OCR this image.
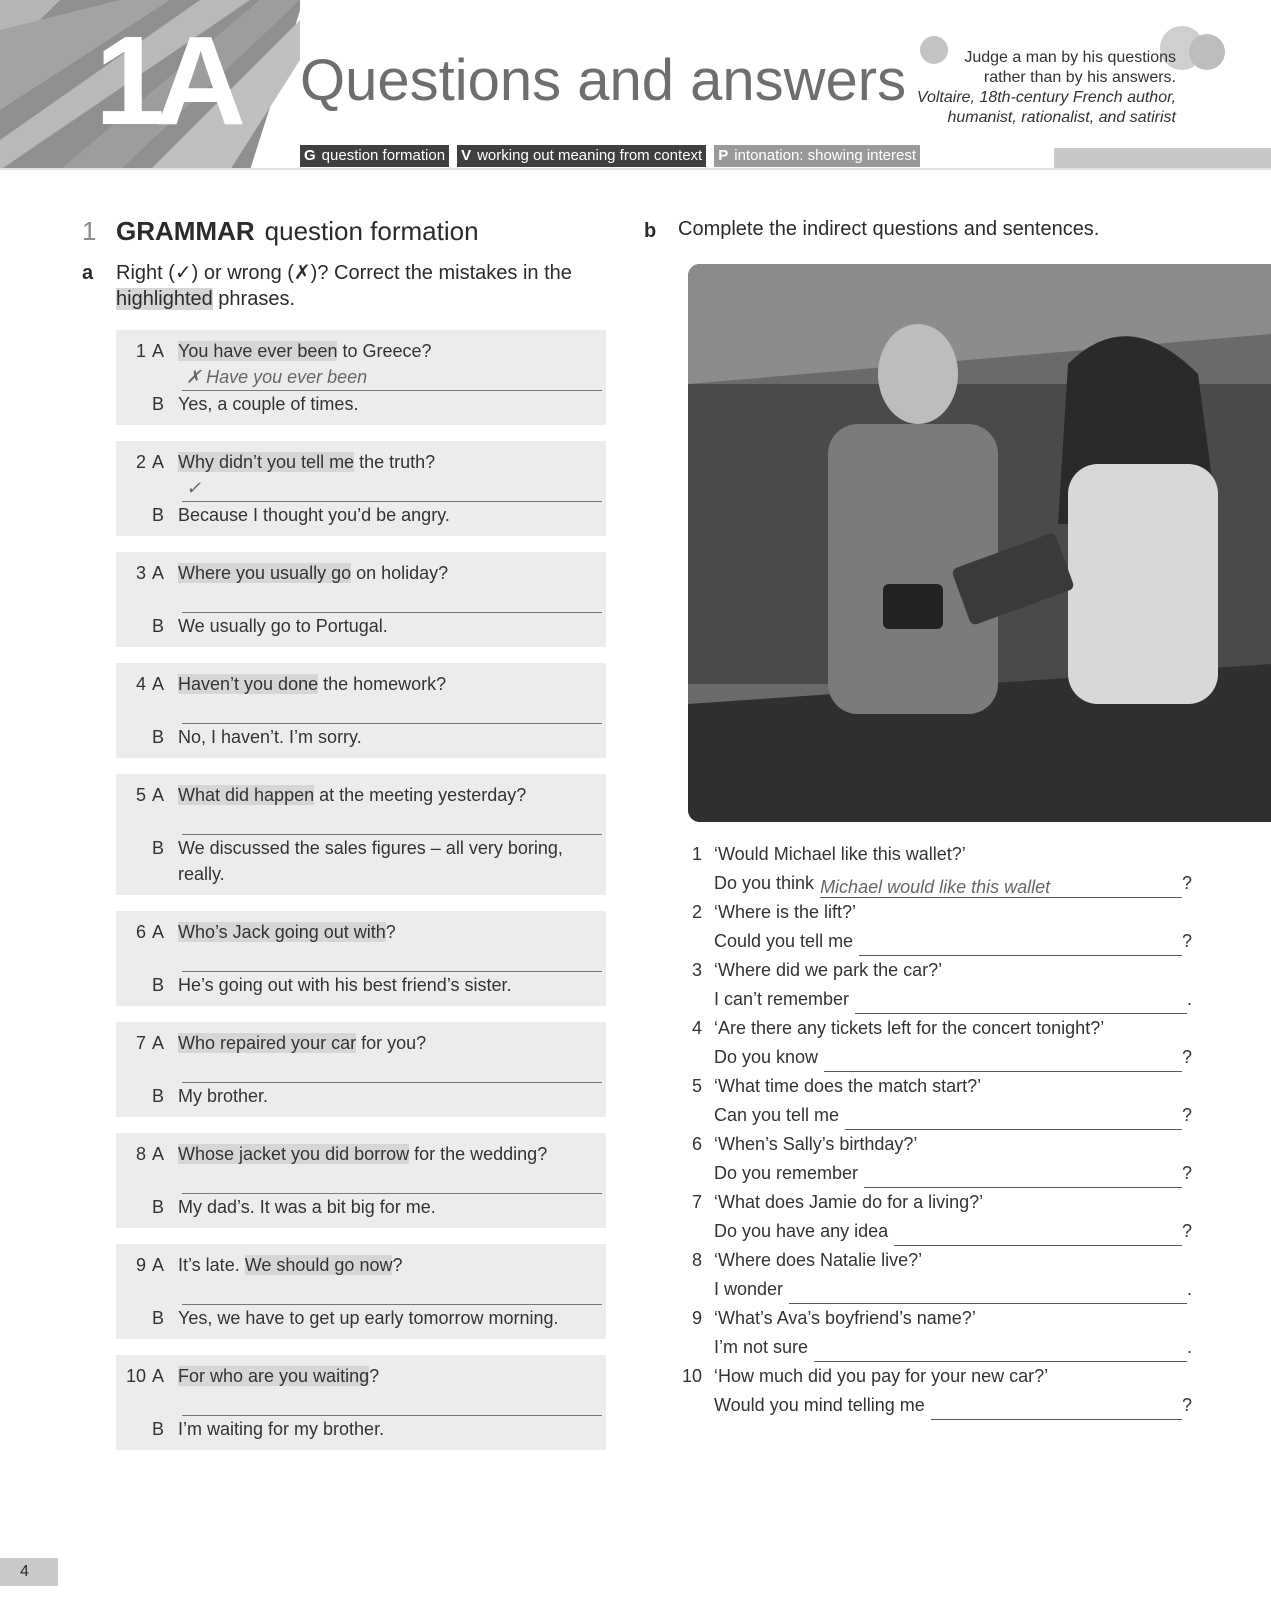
1A Questions and answers	Judge a man by his questions
rather than by his answers.
Voltaire, 18th-century French author,
humanist, rationalist, and satirist
G question formation V working out meaning from context P intonation: showing interest
1 GRAMMAR question formation
a Right (✓) or wrong (✗)? Correct the mistakes in the
highlighted phrases.
1 A You have ever been to Greece?
✗ Have you ever been
B Yes, a couple of times.
2 A Why didn’t you tell me the truth?
✓
B Because I thought you’d be angry.
3 A Where you usually go on holiday?
B We usually go to Portugal.
4 A Haven’t you done the homework?
B No, I haven’t. I’m sorry.
5 A What did happen at the meeting yesterday?
B We discussed the sales figures – all very boring, really.
6 A Who’s Jack going out with?
B He’s going out with his best friend’s sister.
7 A Who repaired your car for you?
B My brother.
8 A Whose jacket you did borrow for the wedding?
B My dad’s. It was a bit big for me.
9 A It’s late. We should go now?
B Yes, we have to get up early tomorrow morning.
10 A For who are you waiting?
B I’m waiting for my brother.
b Complete the indirect questions and sentences.
1 ‘Would Michael like this wallet?’
Do you think Michael would like this wallet	?
2 ‘Where is the lift?’
Could you tell me	?
3 ‘Where did we park the car?’
I can’t remember	.
4 ‘Are there any tickets left for the concert tonight?’
Do you know	?
5 ‘What time does the match start?’
Can you tell me	?
6 ‘When’s Sally’s birthday?’
Do you remember	?
7 ‘What does Jamie do for a living?’
Do you have any idea	?
8 ‘Where does Natalie live?’
I wonder	.
9 ‘What’s Ava’s boyfriend’s name?’
I’m not sure	.
10 ‘How much did you pay for your new car?’
Would you mind telling me	?
4
